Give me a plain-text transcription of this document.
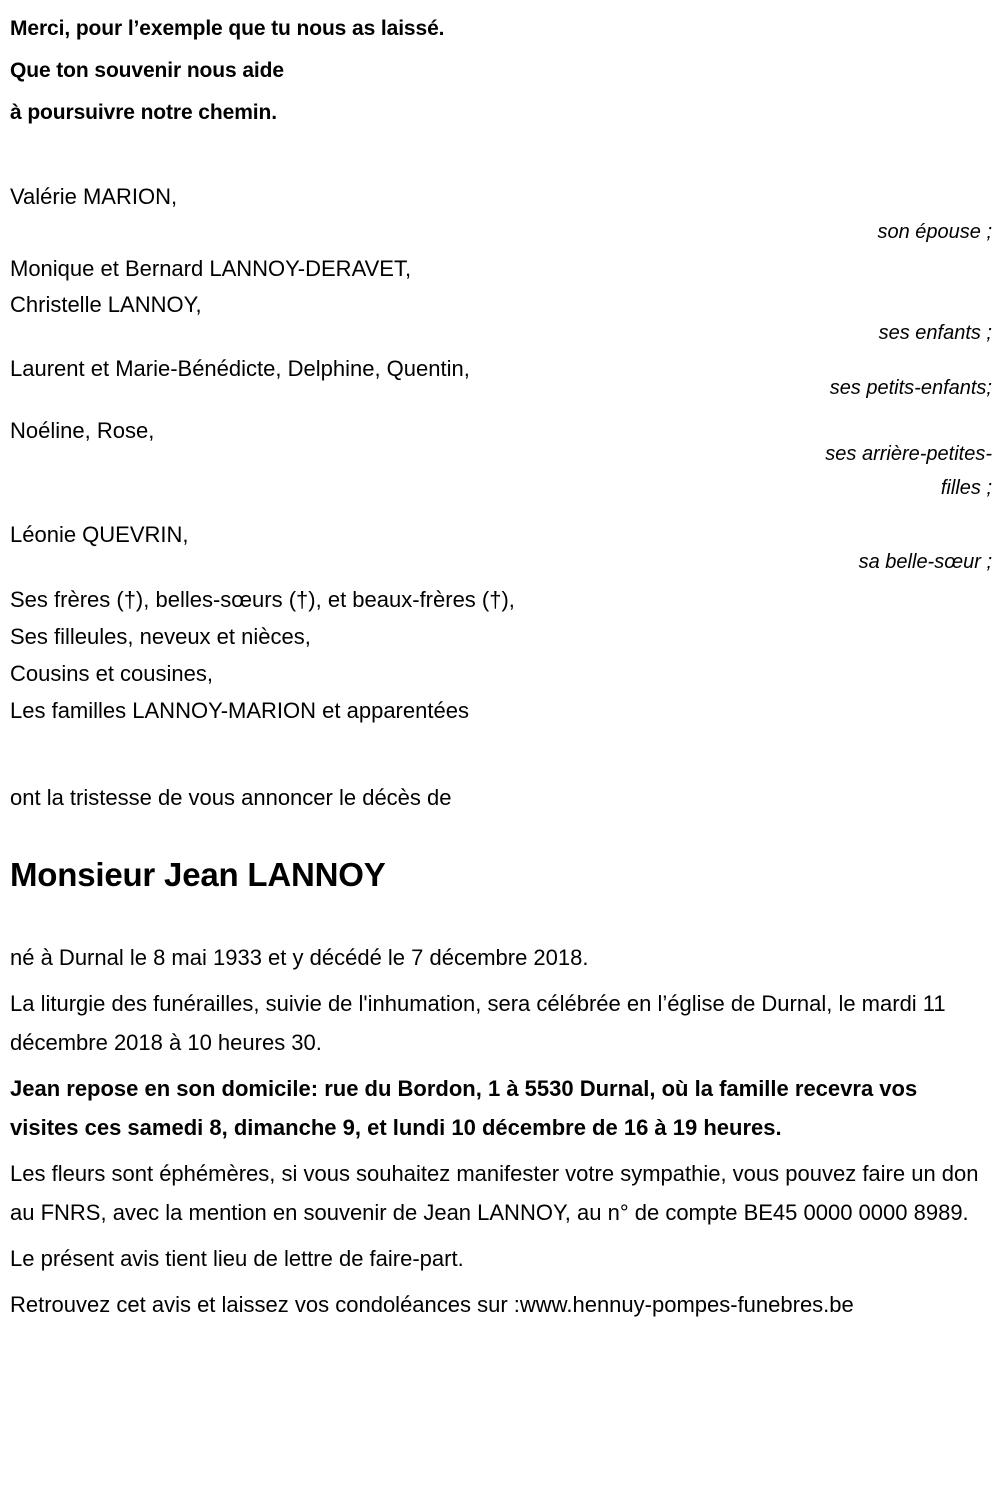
Merci, pour l’exemple que tu nous as laissé.
Que ton souvenir nous aide
à poursuivre notre chemin.
Valérie MARION,
Monique et Bernard LANNOY-DERAVET,
Christelle LANNOY,
Laurent et Marie-Bénédicte, Delphine, Quentin,
Noéline, Rose,
Léonie QUEVRIN,
Ses frères (†), belles-sœurs (†), et beaux-frères (†),
Ses filleules, neveux et nièces,
Cousins et cousines,
Les familles LANNOY-MARION et apparentées
son épouse ;
ses enfants ;
ses petits-enfants;
ses arrière-petites-
filles ;
sa belle-sœur ;
ont la tristesse de vous annoncer le décès de
Monsieur Jean LANNOY

né à Durnal le 8 mai 1933 et y décédé le 7 décembre 2018.

La liturgie des funérailles, suivie de l'inhumation, sera célébrée en l’église de Durnal, le mardi 11 décembre 2018 à 10 heures 30.

Jean repose en son domicile: rue du Bordon, 1 à 5530 Durnal, où la famille recevra vos visites ces samedi 8, dimanche 9, et lundi 10 décembre de 16 à 19 heures.

Les fleurs sont éphémères, si vous souhaitez manifester votre sympathie, vous pouvez faire un don au FNRS, avec la mention en souvenir de Jean LANNOY, au n° de compte BE45 0000 0000 8989.

Le présent avis tient lieu de lettre de faire-part.

Retrouvez cet avis et laissez vos condoléances sur :www.hennuy-pompes-funebres.be
